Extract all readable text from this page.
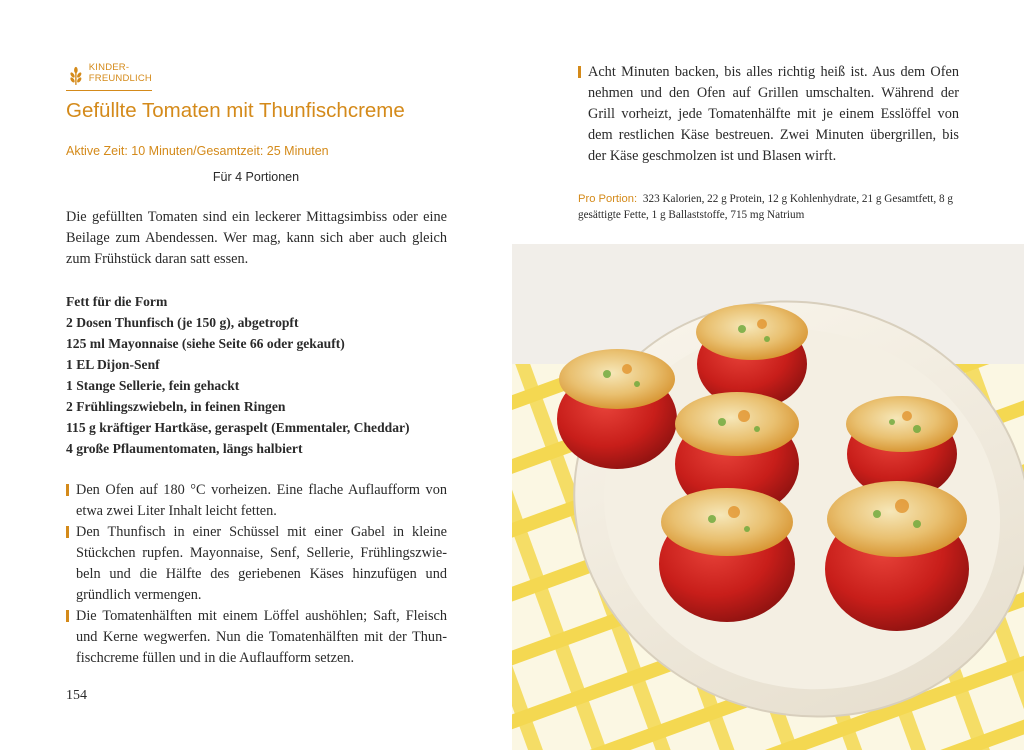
KINDER-
FREUNDLICH
Gefüllte Tomaten mit Thunfischcreme
Aktive Zeit: 10 Minuten/Gesamtzeit: 25 Minuten
Für 4 Portionen

Die gefüllten Tomaten sind ein leckerer Mittagsimbiss oder eine Beilage zum Abendessen. Wer mag, kann sich aber auch gleich zum Frühstück daran satt essen.

Fett für die Form
2 Dosen Thunfisch (je 150 g), abgetropft
125 ml Mayonnaise (siehe Seite 66 oder gekauft)
1 EL Dijon-Senf
1 Stange Sellerie, fein gehackt
2 Frühlingszwiebeln, in feinen Ringen
115 g kräftiger Hartkäse, geraspelt (Emmentaler, Cheddar)
4 große Pflaumentomaten, längs halbiert
Den Ofen auf 180 °C vorheizen. Eine flache Auflaufform von etwa zwei Liter Inhalt leicht fetten.
Den Thunfisch in einer Schüssel mit einer Gabel in kleine Stückchen rupfen. Mayonnaise, Senf, Sellerie, Frühlingszwiebeln und die Hälfte des geriebenen Käses hinzufügen und gründlich vermengen.
Die Tomatenhälften mit einem Löffel aushöhlen; Saft, Fleisch und Kerne wegwerfen. Nun die Tomatenhälften mit der Thunfischcreme füllen und in die Auflaufform setzen.
154
Acht Minuten backen, bis alles richtig heiß ist. Aus dem Ofen nehmen und den Ofen auf Grillen umschalten. Während der Grill vorheizt, jede Tomatenhälfte mit je einem Esslöffel von dem restlichen Käse bestreuen. Zwei Minuten übergrillen, bis der Käse geschmolzen ist und Blasen wirft.

Pro Portion: 323 Kalorien, 22 g Protein, 12 g Kohlenhydrate, 21 g Gesamtfett, 8 g gesättigte Fette, 1 g Ballaststoffe, 715 mg Natrium
